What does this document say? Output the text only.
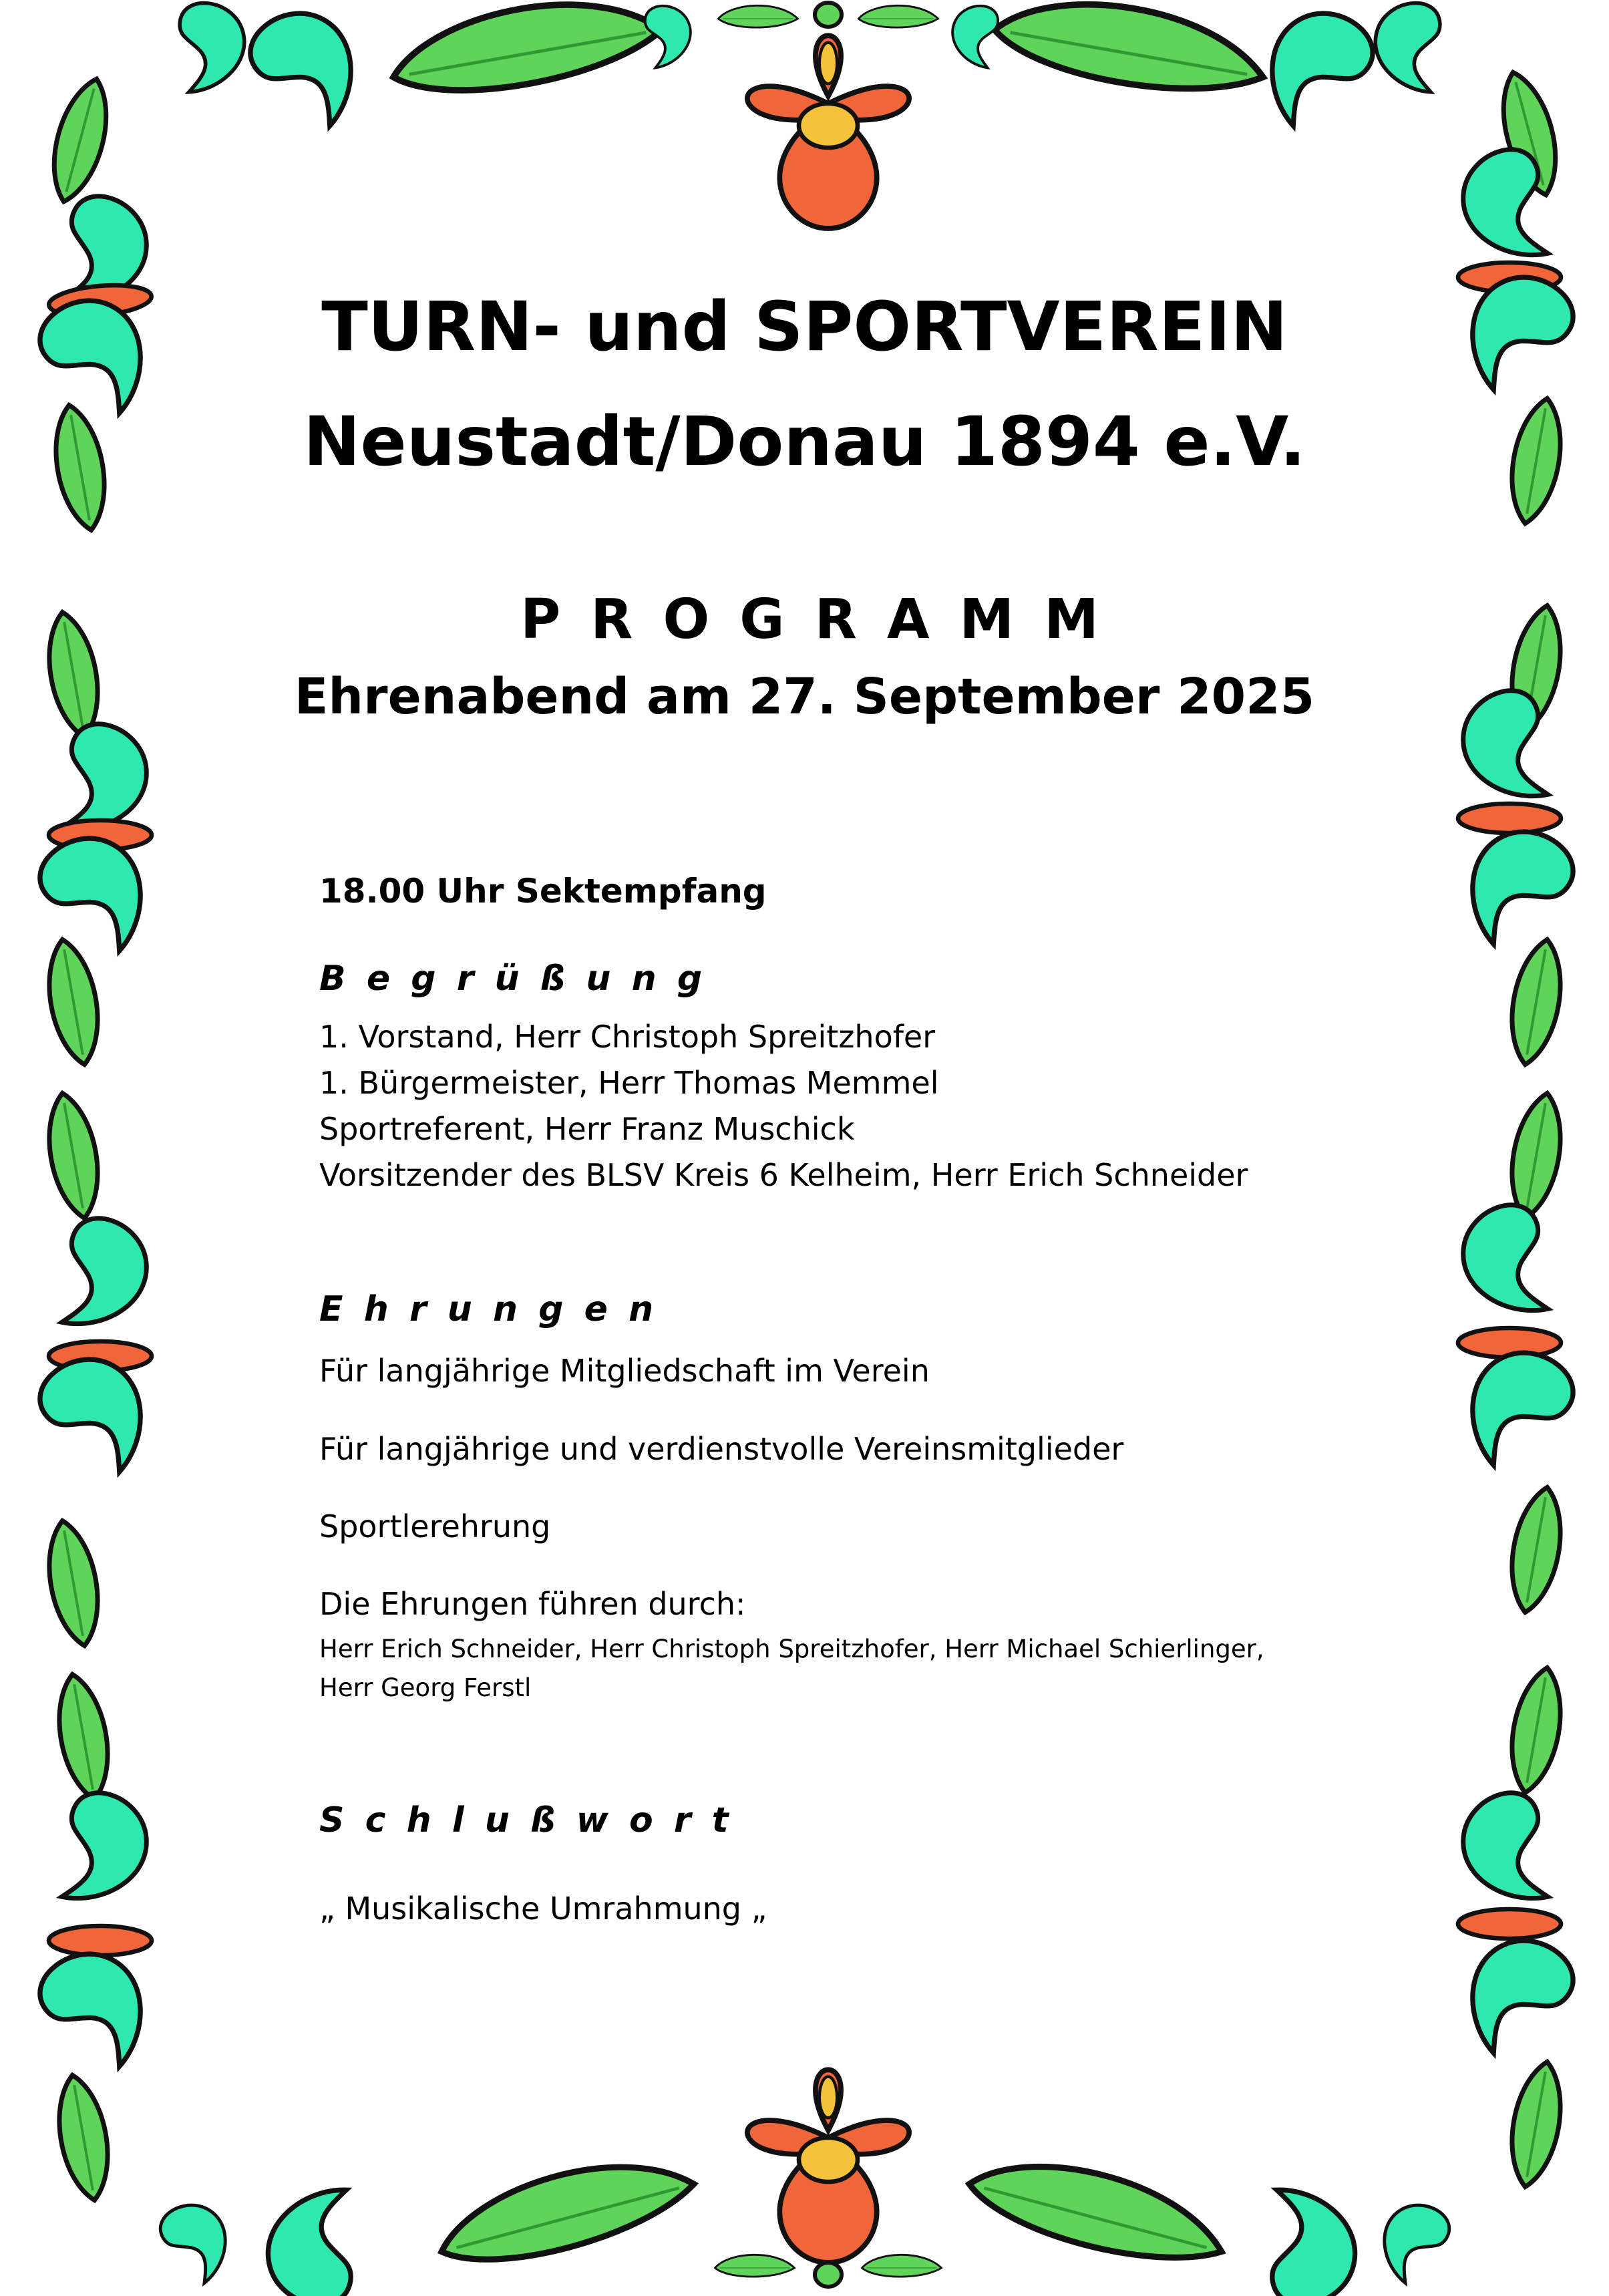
TURN- und SPORTVEREIN
Neustadt/Donau 1894 e.V.
PROGRAMM
Ehrenabend am 27. September 2025
18.00 Uhr Sektempfang
Begrüßung
1. Vorstand, Herr Christoph Spreitzhofer
1. Bürgermeister, Herr Thomas Memmel
Sportreferent, Herr Franz Muschick
Vorsitzender des BLSV Kreis 6 Kelheim, Herr Erich Schneider
Ehrungen
Für langjährige Mitgliedschaft im Verein
Für langjährige und verdienstvolle Vereinsmitglieder
Sportlerehrung
Die Ehrungen führen durch:
Herr Erich Schneider, Herr Christoph Spreitzhofer, Herr Michael Schierlinger,
Herr Georg Ferstl
Schlußwort
„ Musikalische Umrahmung „
